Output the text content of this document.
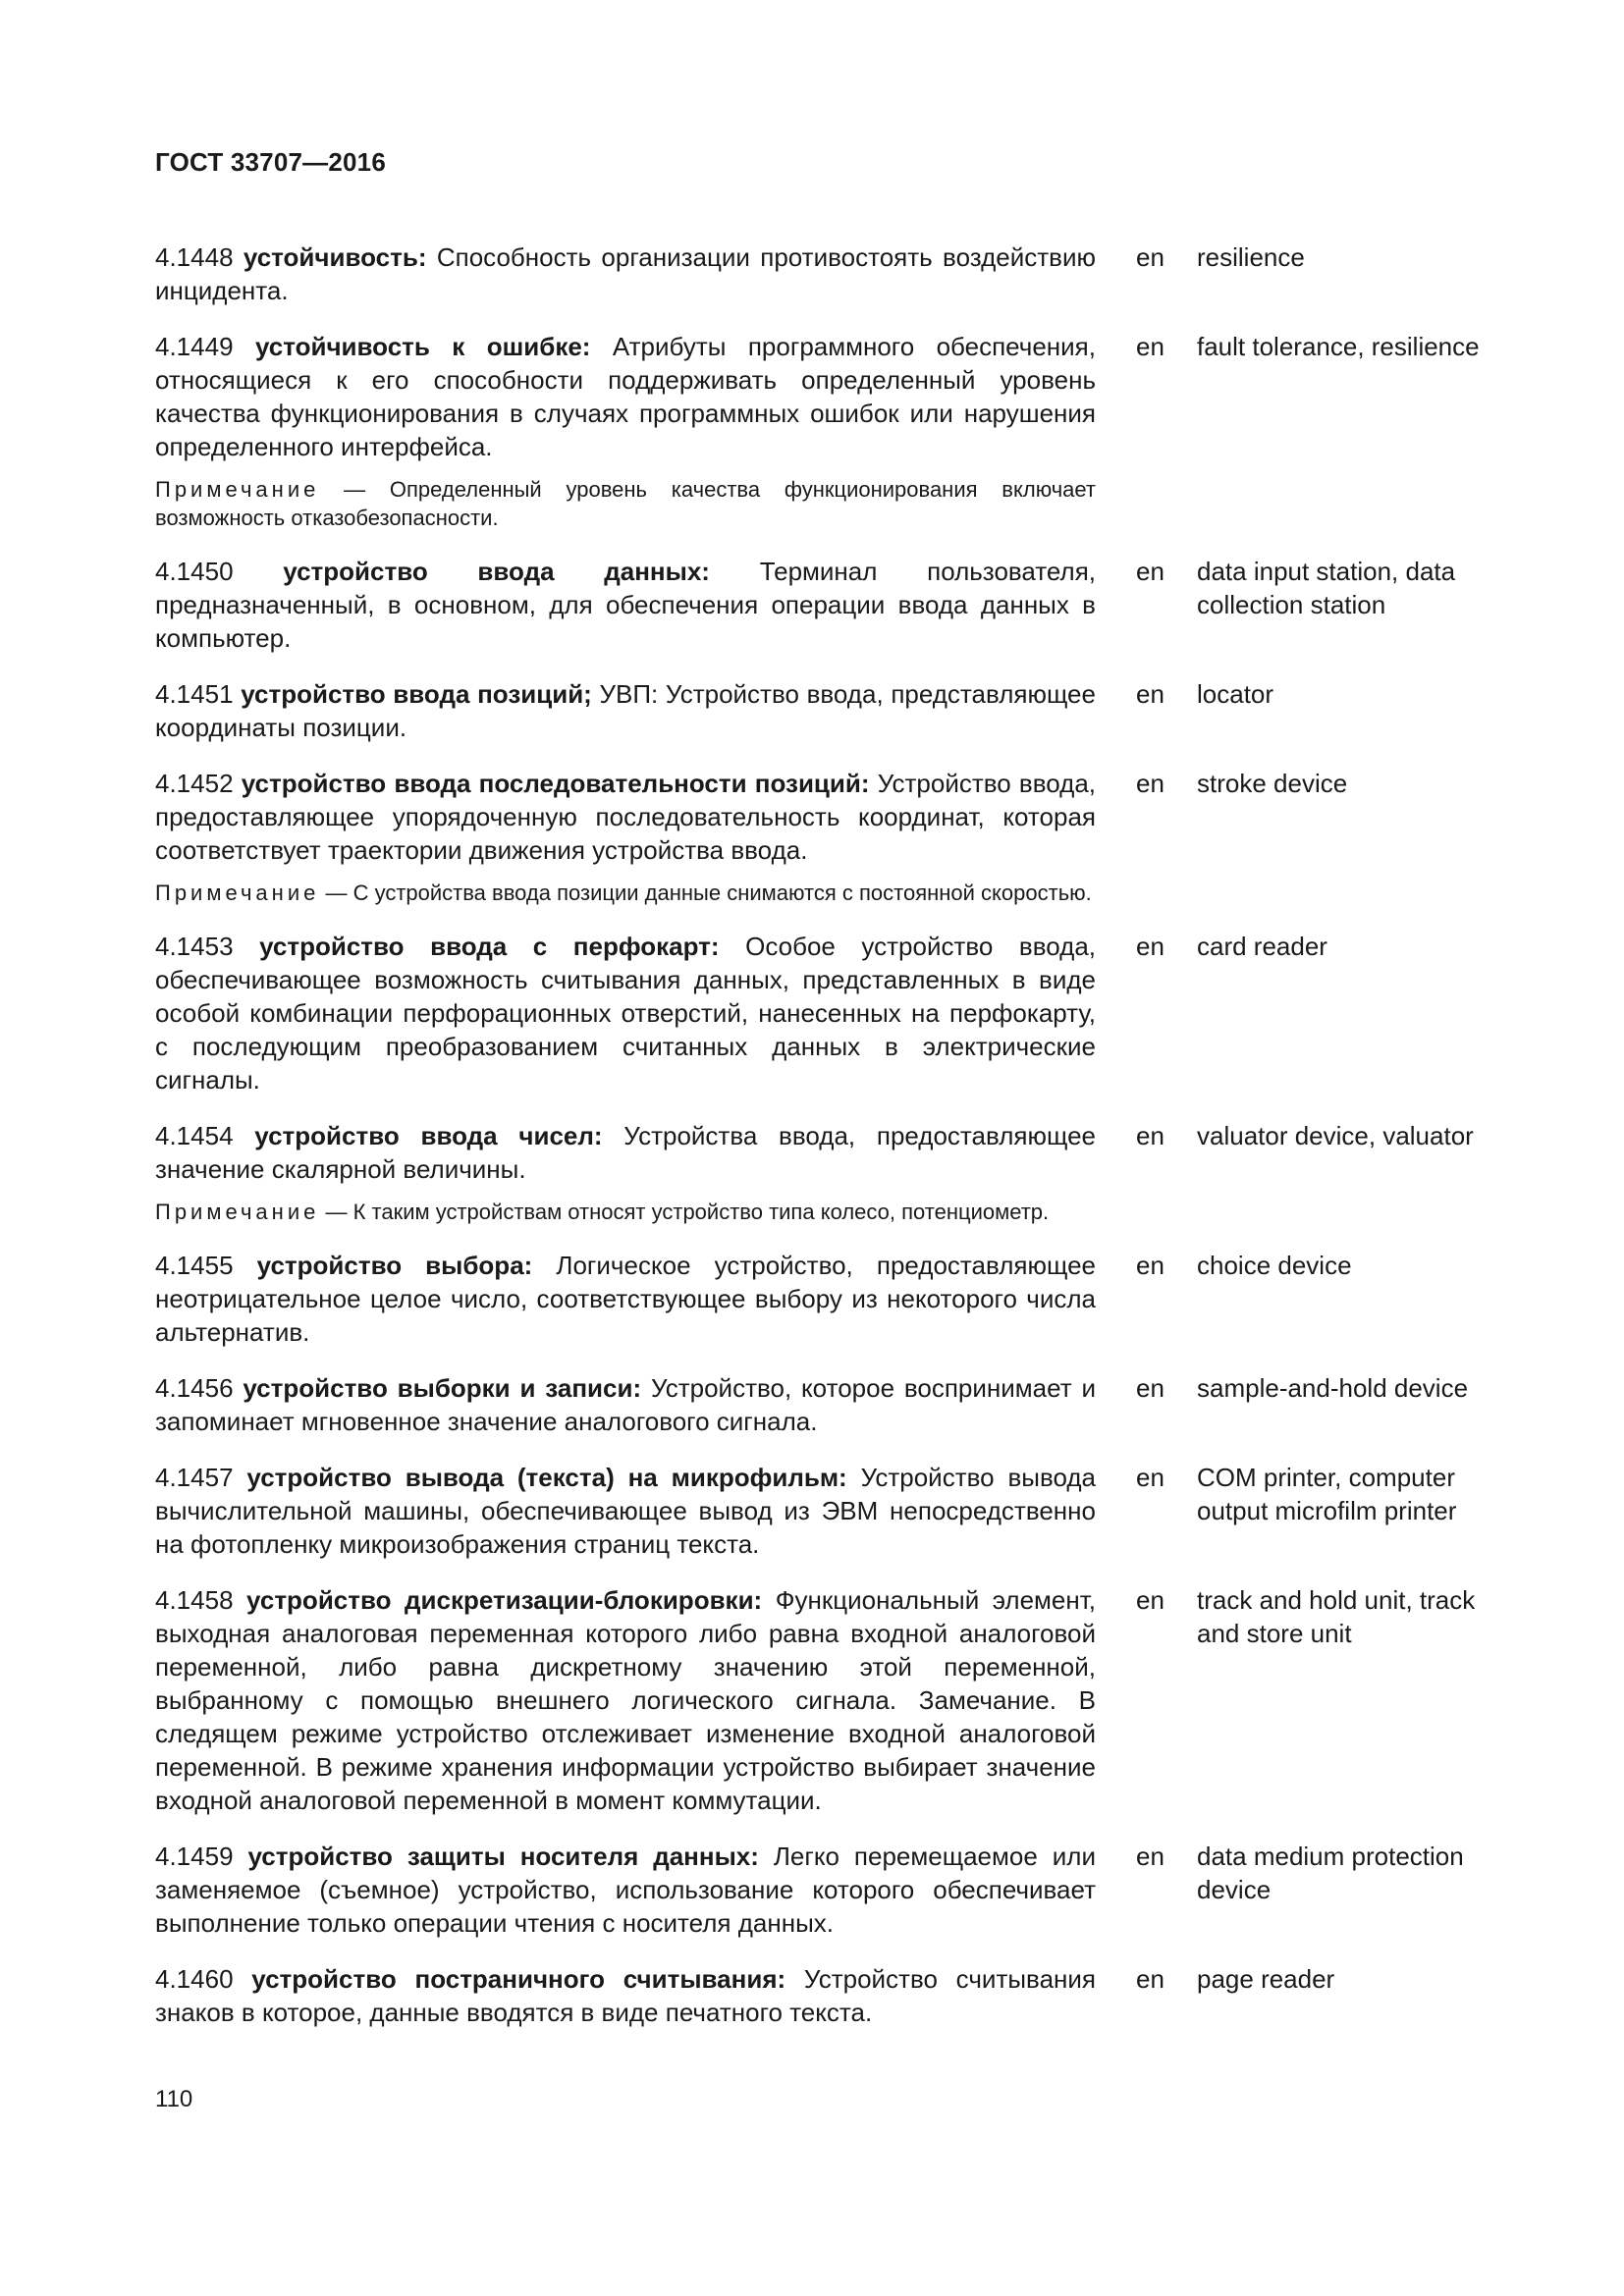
ГОСТ 33707—2016

4.1448 устойчивость: Способность организации противостоять воздействию инцидента.

en	resilience

4.1449 устойчивость к ошибке: Атрибуты программного обеспечения, относящиеся к его способности поддерживать определенный уровень качества функционирования в случаях программных ошибок или нарушения определенного интерфейса.

Примечание — Определенный уровень качества функционирования включает возможность отказобезопасности.

en	fault tolerance, resilience

4.1450 устройство ввода данных: Терминал пользователя, предназначенный, в основном, для обеспечения операции ввода данных в компьютер.

en	data input station, data collection station

4.1451 устройство ввода позиций; УВП: Устройство ввода, представляющее координаты позиции.

en	locator

4.1452 устройство ввода последовательности позиций: Устройство ввода, предоставляющее упорядоченную последовательность координат, которая соответствует траектории движения устройства ввода.

Примечание — С устройства ввода позиции данные снимаются с постоянной скоростью.

en	stroke device

4.1453 устройство ввода с перфокарт: Особое устройство ввода, обеспечивающее возможность считывания данных, представленных в виде особой комбинации перфорационных отверстий, нанесенных на перфокарту, с последующим преобразованием считанных данных в электрические сигналы.

en	card reader

4.1454 устройство ввода чисел: Устройства ввода, предоставляющее значение скалярной величины.

Примечание — К таким устройствам относят устройство типа колесо, потенциометр.

en	valuator device, valuator

4.1455 устройство выбора: Логическое устройство, предоставляющее неотрицательное целое число, соответствующее выбору из некоторого числа альтернатив.

en	choice device

4.1456 устройство выборки и записи: Устройство, которое воспринимает и запоминает мгновенное значение аналогового сигнала.

en	sample-and-hold device

4.1457 устройство вывода (текста) на микрофильм: Устройство вывода вычислительной машины, обеспечивающее вывод из ЭВМ непосредственно на фотопленку микроизображения страниц текста.

en	COM printer, computer output microfilm printer

4.1458 устройство дискретизации-блокировки: Функциональный элемент, выходная аналоговая переменная которого либо равна входной аналоговой переменной, либо равна дискретному значению этой переменной, выбранному с помощью внешнего логического сигнала. Замечание. В следящем режиме устройство отслеживает изменение входной аналоговой переменной. В режиме хранения информации устройство выбирает значение входной аналоговой переменной в момент коммутации.

en	track and hold unit, track and store unit

4.1459 устройство защиты носителя данных: Легко перемещаемое или заменяемое (съемное) устройство, использование которого обеспечивает выполнение только операции чтения с носителя данных.

en	data medium protection device

4.1460 устройство постраничного считывания: Устройство считывания знаков в которое, данные вводятся в виде печатного текста.

en	page reader
110
